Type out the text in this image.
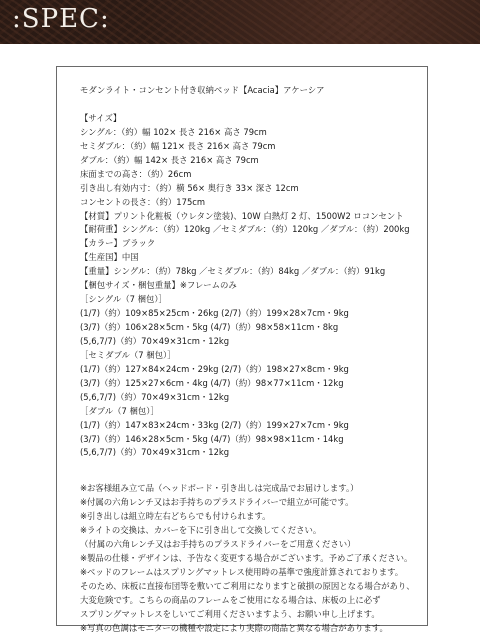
:SPEC:
モダンライト・コンセント付き収納ベッド【Acacia】アケーシア
【サイズ】
シングル：（約）幅 102× 長さ 216× 高さ 79cm
セミダブル：（約）幅 121× 長さ 216× 高さ 79cm
ダブル：（約）幅 142× 長さ 216× 高さ 79cm
床面までの高さ：（約）26cm
引き出し有効内寸：（約）横 56× 奥行き 33× 深さ 12cm
コンセントの長さ：（約）175cm
【材質】プリント化粧板（ウレタン塗装)、10W 白熱灯 2 灯、1500W2 ロコンセント
【耐荷重】シングル：（約）120kg ／セミダブル：（約）120kg ／ダブル：（約）200kg
【カラー】ブラック
【生産国】中国
【重量】シングル：（約）78kg ／セミダブル：（約）84kg ／ダブル：（約）91kg
【梱包サイズ・梱包重量】※フレームのみ
［シングル（7 梱包）］
(1/7)（約）109×85×25cm・26kg (2/7)（約）199×28×7cm・9kg
(3/7)（約）106×28×5cm・5kg (4/7)（約）98×58×11cm・8kg
(5,6,7/7)（約）70×49×31cm・12kg
［セミダブル（7 梱包）］
(1/7)（約）127×84×24cm・29kg (2/7)（約）198×27×8cm・9kg
(3/7)（約）125×27×6cm・4kg (4/7)（約）98×77×11cm・12kg
(5,6,7/7)（約）70×49×31cm・12kg
［ダブル（7 梱包）］
(1/7)（約）147×83×24cm・33kg (2/7)（約）199×27×7cm・9kg
(3/7)（約）146×28×5cm・5kg (4/7)（約）98×98×11cm・14kg
(5,6,7/7)（約）70×49×31cm・12kg
※お客様組み立て品（ヘッドボード・引き出しは完成品でお届けします。）
※付属の六角レンチ又はお手持ちのプラスドライバーで組立が可能です。
※引き出しは組立時左右どちらでも付けられます。
※ライトの交換は、カバーを下に引き出して交換してください。
（付属の六角レンチ又はお手持ちのプラスドライバーをご用意ください）
※製品の仕様・デザインは、予告なく変更する場合がございます。予めご了承ください。
※ベッドのフレームはスプリングマットレス使用時の基準で強度計算されております。
そのため、床板に直接布団等を敷いてご利用になりますと破損の原因となる場合があり、
大変危険です。こちらの商品のフレームをご使用になる場合は、床板の上に必ず
スプリングマットレスをしいてご利用くださいますよう、お願い申し上げます。
※写真の色調はモニターの機種や設定により実際の商品と異なる場合があります。
